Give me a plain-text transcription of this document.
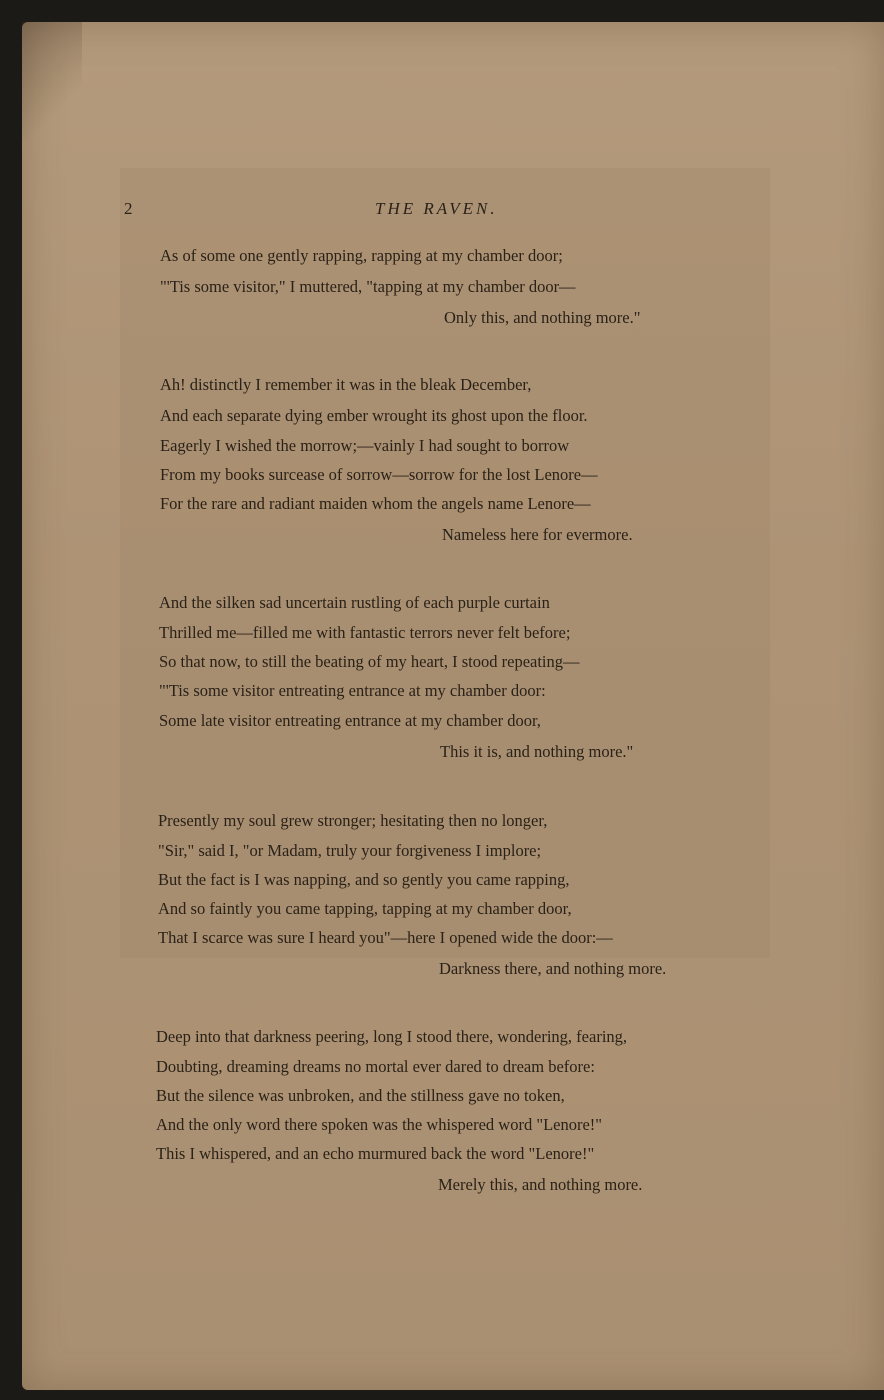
2	THE RAVEN.
As of some one gently rapping, rapping at my chamber door;
"'Tis some visitor," I muttered, "tapping at my chamber door—
Only this, and nothing more."
Ah! distinctly I remember it was in the bleak December,
And each separate dying ember wrought its ghost upon the floor.
Eagerly I wished the morrow;—vainly I had sought to borrow
From my books surcease of sorrow—sorrow for the lost Lenore—
For the rare and radiant maiden whom the angels name Lenore—
Nameless here for evermore.
And the silken sad uncertain rustling of each purple curtain
Thrilled me—filled me with fantastic terrors never felt before;
So that now, to still the beating of my heart, I stood repeating—
"'Tis some visitor entreating entrance at my chamber door:
Some late visitor entreating entrance at my chamber door,
This it is, and nothing more."
Presently my soul grew stronger; hesitating then no longer,
"Sir," said I, "or Madam, truly your forgiveness I implore;
But the fact is I was napping, and so gently you came rapping,
And so faintly you came tapping, tapping at my chamber door,
That I scarce was sure I heard you"—here I opened wide the door:—
Darkness there, and nothing more.
Deep into that darkness peering, long I stood there, wondering, fearing,
Doubting, dreaming dreams no mortal ever dared to dream before:
But the silence was unbroken, and the stillness gave no token,
And the only word there spoken was the whispered word "Lenore!"
This I whispered, and an echo murmured back the word "Lenore!"
Merely this, and nothing more.
